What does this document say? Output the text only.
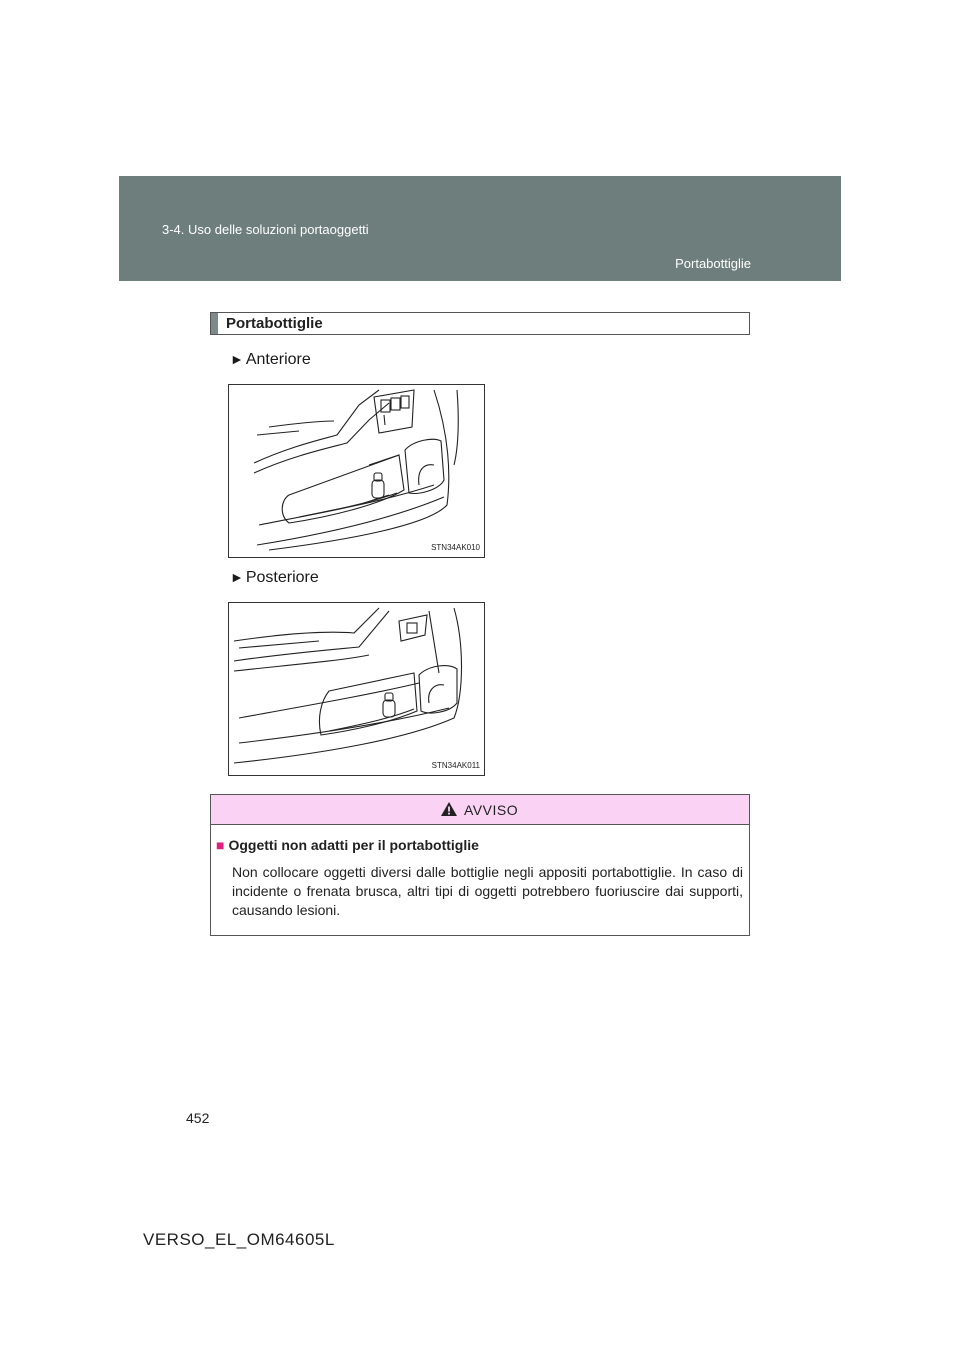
3-4. Uso delle soluzioni portaoggetti
Portabottiglie
Portabottiglie
► Anteriore
STN34AK010
► Posteriore
STN34AK011
AVVISO
■ Oggetti non adatti per il portabottiglie
Non collocare oggetti diversi dalle bottiglie negli appositi portabottiglie. In caso di incidente o frenata brusca, altri tipi di oggetti potrebbero fuoriuscire dai supporti, causando lesioni.
452
VERSO_EL_OM64605L
